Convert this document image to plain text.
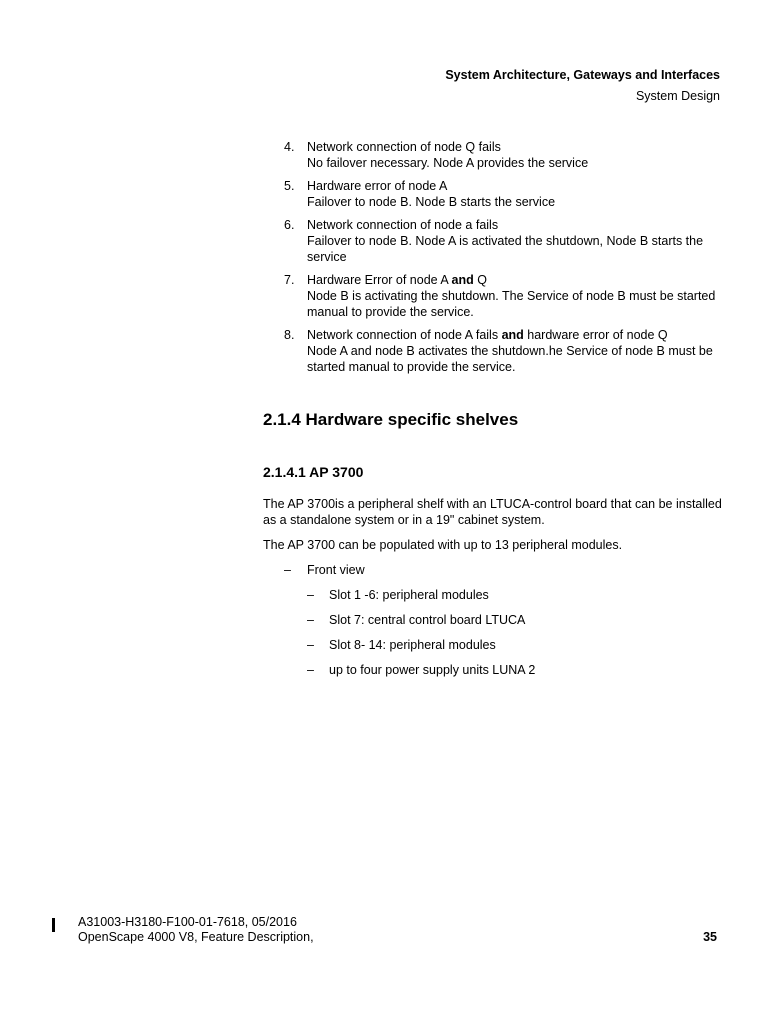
System Architecture, Gateways and Interfaces
System Design
4. Network connection of node Q fails
No failover necessary. Node A provides the service
5. Hardware error of node A
Failover to node B. Node B starts the service
6. Network connection of node a fails
Failover to node B. Node A is activated the shutdown, Node B starts the service
7. Hardware Error of node A and Q
Node B is activating the shutdown. The Service of node B must be started manual to provide the service.
8. Network connection of node A fails and hardware error of node Q
Node A and node B activates the shutdown.he Service of node B must be started manual to provide the service.
2.1.4 Hardware specific shelves
2.1.4.1 AP 3700

The AP 3700is a peripheral shelf with an LTUCA-control board that can be installed as a standalone system or in a 19" cabinet system.

The AP 3700 can be populated with up to 13 peripheral modules.

– Front view
– Slot 1 -6: peripheral modules
– Slot 7: central control board LTUCA
– Slot 8- 14: peripheral modules
– up to four power supply units LUNA 2
A31003-H3180-F100-01-7618, 05/2016
OpenScape 4000 V8, Feature Description,	35
